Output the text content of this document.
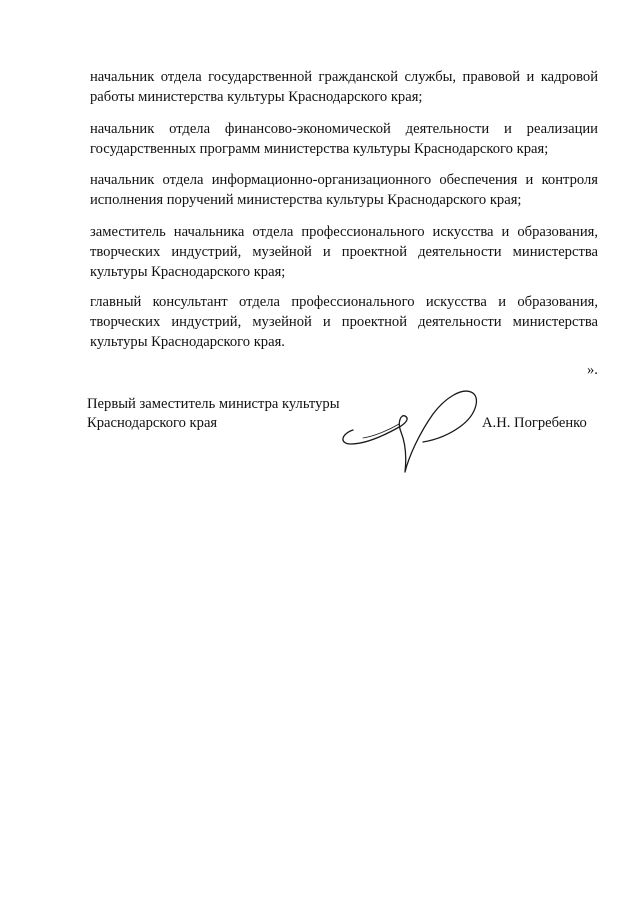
начальник отдела государственной гражданской службы, правовой и кадровой работы министерства культуры Краснодарского края;

начальник отдела финансово-экономической деятельности и реализации государственных программ министерства культуры Краснодарского края;

начальник отдела информационно-организационного обеспечения и контроля исполнения поручений министерства культуры Краснодарского края;

заместитель начальника отдела профессионального искусства и образования, творческих индустрий, музейной и проектной деятельности министерства культуры Краснодарского края;

главный консультант отдела профессионального искусства и образования, творческих индустрий, музейной и проектной деятельности министерства культуры Краснодарского края.

».
Первый заместитель министра культуры
Краснодарского края	А.Н. Погребенко
